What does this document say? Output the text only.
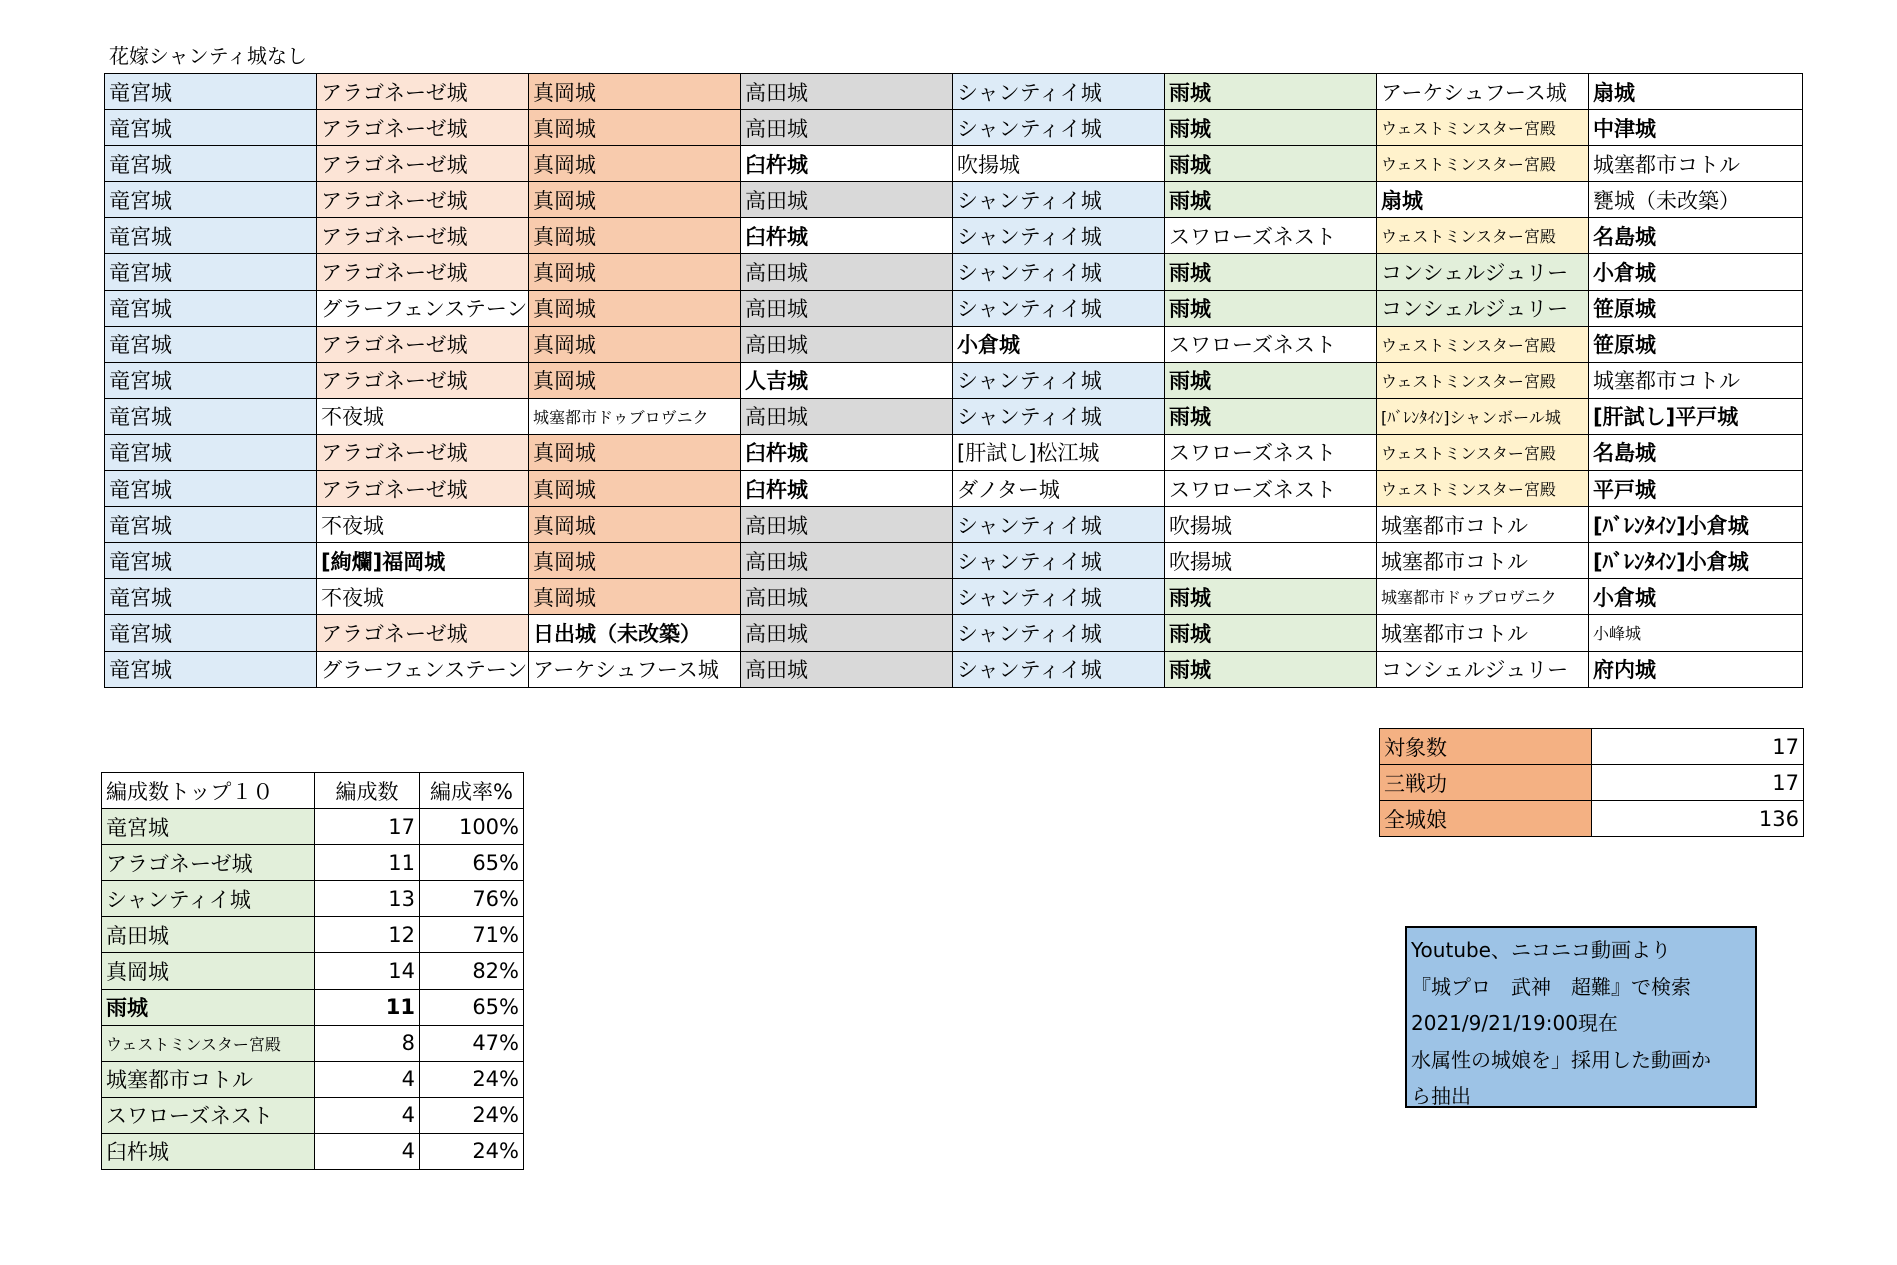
花嫁シャンティ城なし
竜宮城	アラゴネーゼ城	真岡城	高田城	シャンティイ城	雨城	アーケシュフース城	扇城
竜宮城	アラゴネーゼ城	真岡城	高田城	シャンティイ城	雨城	ウェストミンスター宮殿	中津城
竜宮城	アラゴネーゼ城	真岡城	臼杵城	吹揚城	雨城	ウェストミンスター宮殿	城塞都市コトル
竜宮城	アラゴネーゼ城	真岡城	高田城	シャンティイ城	雨城	扇城	甕城（未改築）
竜宮城	アラゴネーゼ城	真岡城	臼杵城	シャンティイ城	スワローズネスト	ウェストミンスター宮殿	名島城
竜宮城	アラゴネーゼ城	真岡城	高田城	シャンティイ城	雨城	コンシェルジュリー	小倉城
竜宮城	グラーフェンステーン	真岡城	高田城	シャンティイ城	雨城	コンシェルジュリー	笹原城
竜宮城	アラゴネーゼ城	真岡城	高田城	小倉城	スワローズネスト	ウェストミンスター宮殿	笹原城
竜宮城	アラゴネーゼ城	真岡城	人吉城	シャンティイ城	雨城	ウェストミンスター宮殿	城塞都市コトル
竜宮城	不夜城	城塞都市ドゥブロヴニク	高田城	シャンティイ城	雨城	[ﾊﾞﾚﾝﾀｲﾝ]シャンボール城	[肝試し]平戸城
竜宮城	アラゴネーゼ城	真岡城	臼杵城	[肝試し]松江城	スワローズネスト	ウェストミンスター宮殿	名島城
竜宮城	アラゴネーゼ城	真岡城	臼杵城	ダノター城	スワローズネスト	ウェストミンスター宮殿	平戸城
竜宮城	不夜城	真岡城	高田城	シャンティイ城	吹揚城	城塞都市コトル	[ﾊﾞﾚﾝﾀｲﾝ]小倉城
竜宮城	[絢爛]福岡城	真岡城	高田城	シャンティイ城	吹揚城	城塞都市コトル	[ﾊﾞﾚﾝﾀｲﾝ]小倉城
竜宮城	不夜城	真岡城	高田城	シャンティイ城	雨城	城塞都市ドゥブロヴニク	小倉城
竜宮城	アラゴネーゼ城	日出城（未改築）	高田城	シャンティイ城	雨城	城塞都市コトル	小峰城
竜宮城	グラーフェンステーン	アーケシュフース城	高田城	シャンティイ城	雨城	コンシェルジュリー	府内城
編成数トップ１０	編成数	編成率%
竜宮城	17	100%
アラゴネーゼ城	11	65%
シャンティイ城	13	76%
高田城	12	71%
真岡城	14	82%
雨城	11	65%
ウェストミンスター宮殿	8	47%
城塞都市コトル	4	24%
スワローズネスト	4	24%
臼杵城	4	24%
対象数	17
三戦功	17
全城娘	136
Youtube、ニコニコ動画より
『城プロ　武神　超難』で検索
2021/9/21/19:00現在
水属性の城娘を」採用した動画か
ら抽出
